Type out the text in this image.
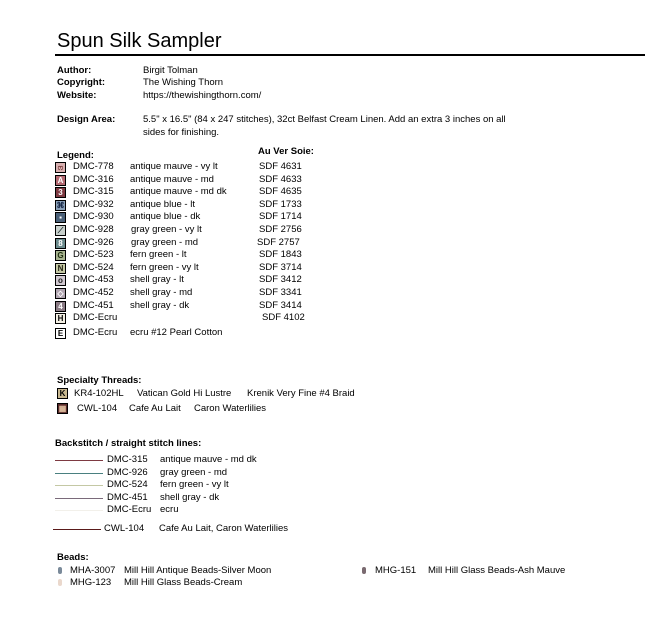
Spun Silk Sampler
Author:	Birgit Tolman
Copyright:	The Wishing Thorn
Website:	https://thewishingthorn.com/
Design Area:	5.5" x 16.5" (84 x 247 stitches), 32ct Belfast Cream Linen. Add an extra 3 inches on all
sides for finishing.
Legend:	Au Ver Soie:
ෆ DMC-778 antique mauve - vy lt	SDF 4631
A DMC-316 antique mauve - md	SDF 4633
3	DMC-315 antique mauve - md dk	SDF 4635
⌘ DMC-932 antique blue - lt	SDF 1733
▪	DMC-930 antique blue - dk	SDF 1714
⟋ DMC-928 gray green - vy lt	SDF 2756
8	DMC-926 gray green - md	SDF 2757
G DMC-523 fern green - lt	SDF 1843
N DMC-524 fern green - vy lt	SDF 3714
o	DMC-453 shell gray - lt	SDF 3412
◇ DMC-452 shell gray - md	SDF 3341
4	DMC-451 shell gray - dk	SDF 3414
H DMC-Ecru	SDF 4102
E DMC-Ecru ecru #12 Pearl Cotton
Specialty Threads:
K KR4-102HL Vatican Gold Hi Lustre Krenik Very Fine #4 Braid
▦ CWL-104 Cafe Au Lait Caron Waterlilies
Backstitch / straight stitch lines:
DMC-315 antique mauve - md dk
DMC-926 gray green - md
DMC-524 fern green - vy lt
DMC-451 shell gray - dk
DMC-Ecru ecru
CWL-104 Cafe Au Lait, Caron Waterlilies
Beads:
MHA-3007 Mill Hill Antique Beads-Silver Moon
MHG-123 Mill Hill Glass Beads-Cream
MHG-151 Mill Hill Glass Beads-Ash Mauve
